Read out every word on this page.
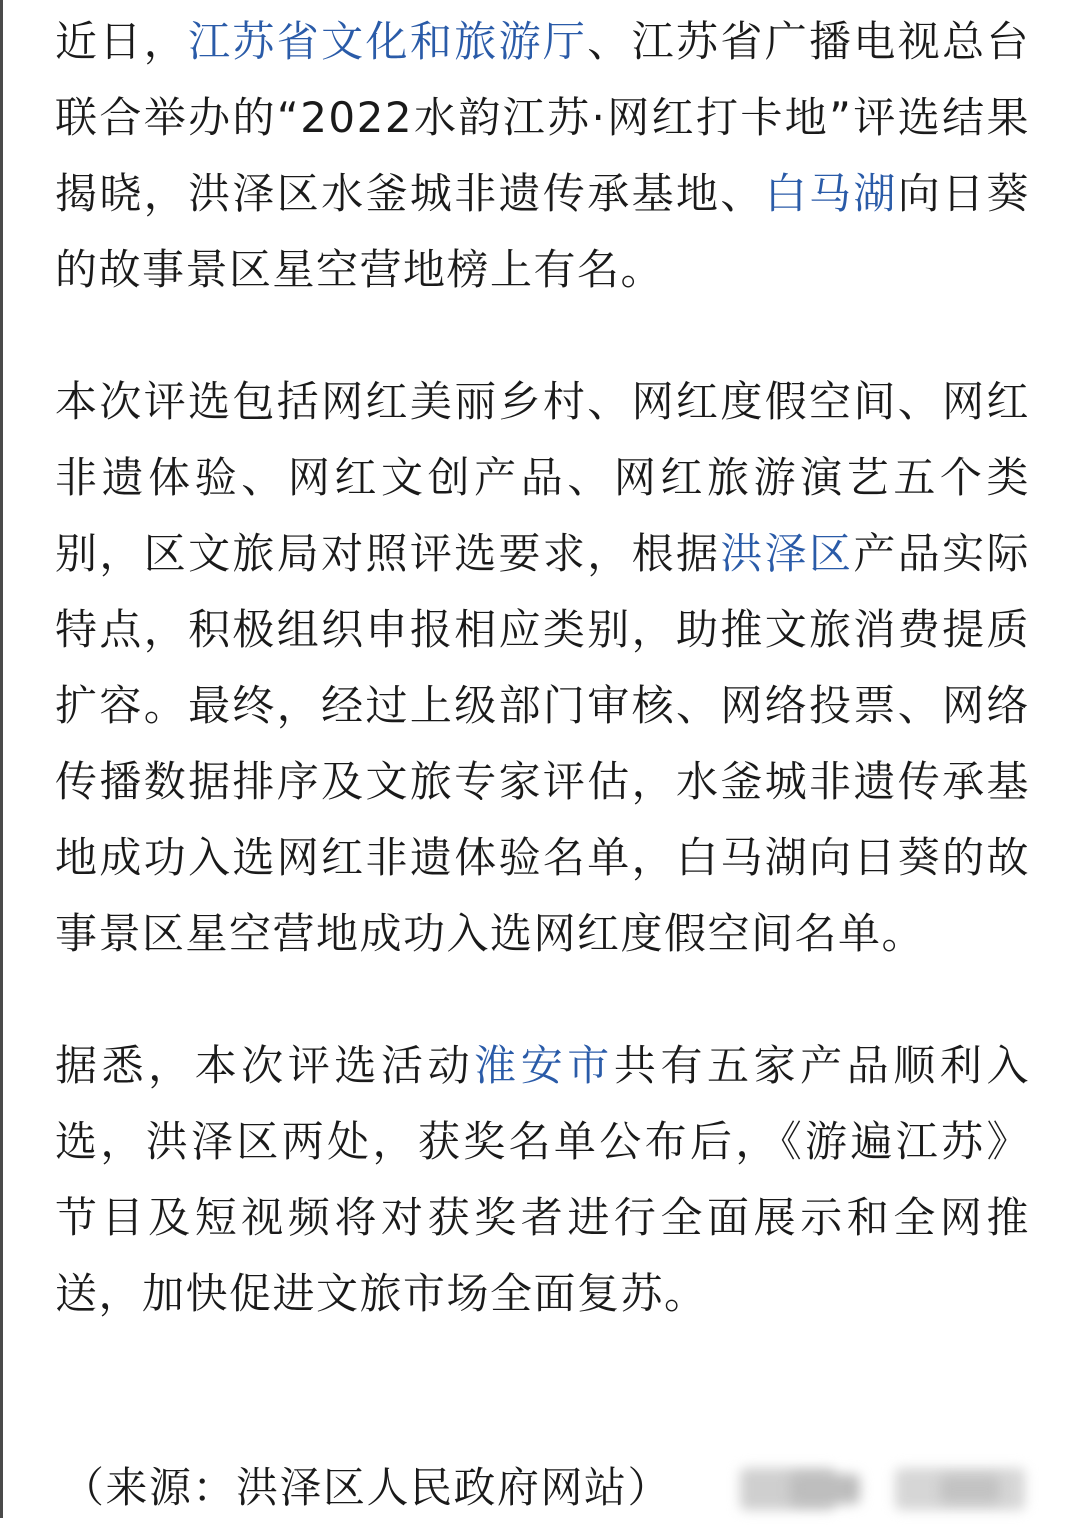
近日，江苏省文化和旅游厅、江苏省广播电视总台联合举办的“2022水韵江苏·网红打卡地”评选结果揭晓，洪泽区水釜城非遗传承基地、白马湖向日葵的故事景区星空营地榜上有名。

本次评选包括网红美丽乡村、网红度假空间、网红非遗体验、网红文创产品、网红旅游演艺五个类别，区文旅局对照评选要求，根据洪泽区产品实际特点，积极组织申报相应类别，助推文旅消费提质扩容。最终，经过上级部门审核、网络投票、网络传播数据排序及文旅专家评估，水釜城非遗传承基地成功入选网红非遗体验名单，白马湖向日葵的故事景区星空营地成功入选网红度假空间名单。

据悉，本次评选活动淮安市共有五家产品顺利入选，洪泽区两处，获奖名单公布后，《游遍江苏》节目及短视频将对获奖者进行全面展示和全网推送，加快促进文旅市场全面复苏。

（来源：洪泽区人民政府网站）
